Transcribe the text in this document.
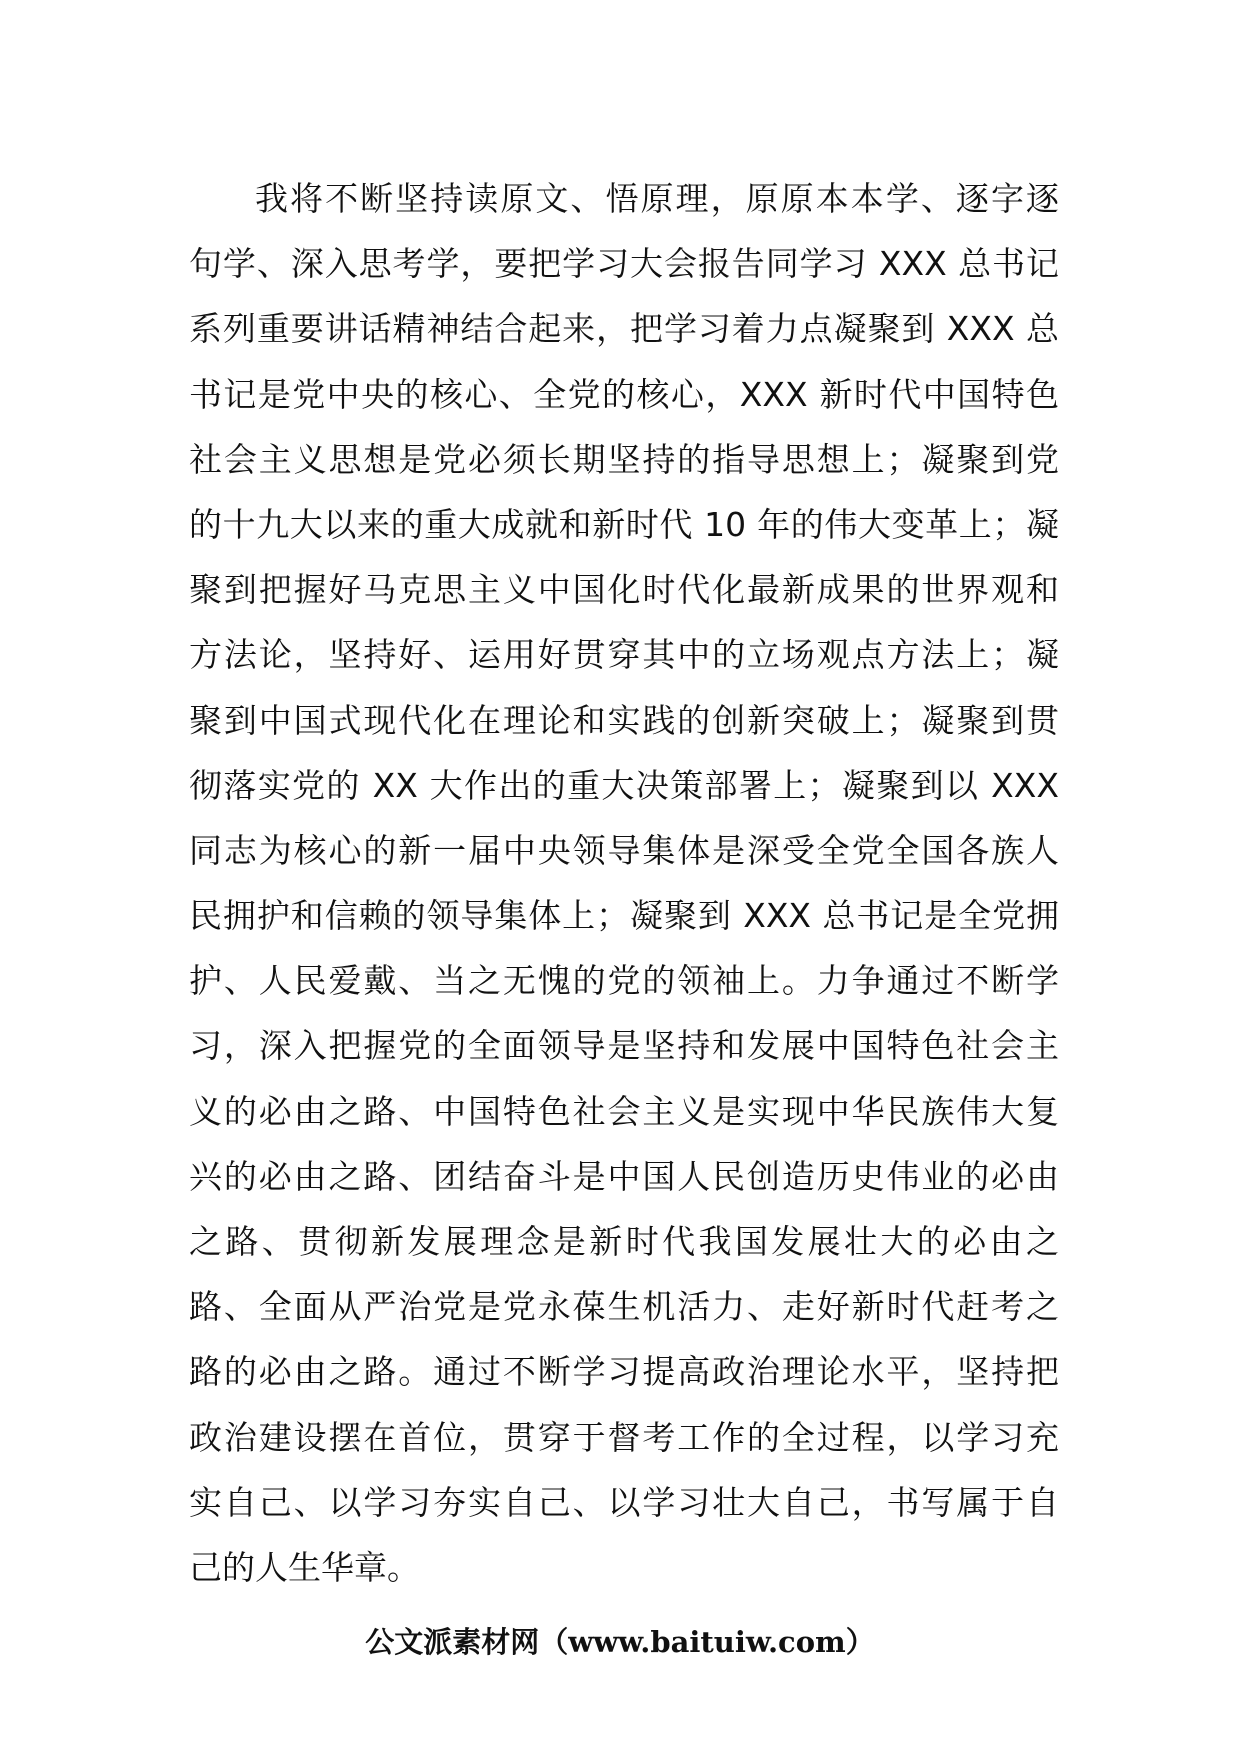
我将不断坚持读原文、悟原理，原原本本学、逐字逐
句学、深入思考学，要把学习大会报告同学习 XXX 总书记
系列重要讲话精神结合起来，把学习着力点凝聚到 XXX 总
书记是党中央的核心、全党的核心，XXX 新时代中国特色
社会主义思想是党必须长期坚持的指导思想上；凝聚到党
的十九大以来的重大成就和新时代 10 年的伟大变革上；凝
聚到把握好马克思主义中国化时代化最新成果的世界观和
方法论，坚持好、运用好贯穿其中的立场观点方法上；凝
聚到中国式现代化在理论和实践的创新突破上；凝聚到贯
彻落实党的 XX 大作出的重大决策部署上；凝聚到以 XXX
同志为核心的新一届中央领导集体是深受全党全国各族人
民拥护和信赖的领导集体上；凝聚到 XXX 总书记是全党拥
护、人民爱戴、当之无愧的党的领袖上。力争通过不断学
习，深入把握党的全面领导是坚持和发展中国特色社会主
义的必由之路、中国特色社会主义是实现中华民族伟大复
兴的必由之路、团结奋斗是中国人民创造历史伟业的必由
之路、贯彻新发展理念是新时代我国发展壮大的必由之
路、全面从严治党是党永葆生机活力、走好新时代赶考之
路的必由之路。通过不断学习提高政治理论水平，坚持把
政治建设摆在首位，贯穿于督考工作的全过程，以学习充
实自己、以学习夯实自己、以学习壮大自己，书写属于自
己的人生华章。
公文派素材网（www.baituiw.com）
